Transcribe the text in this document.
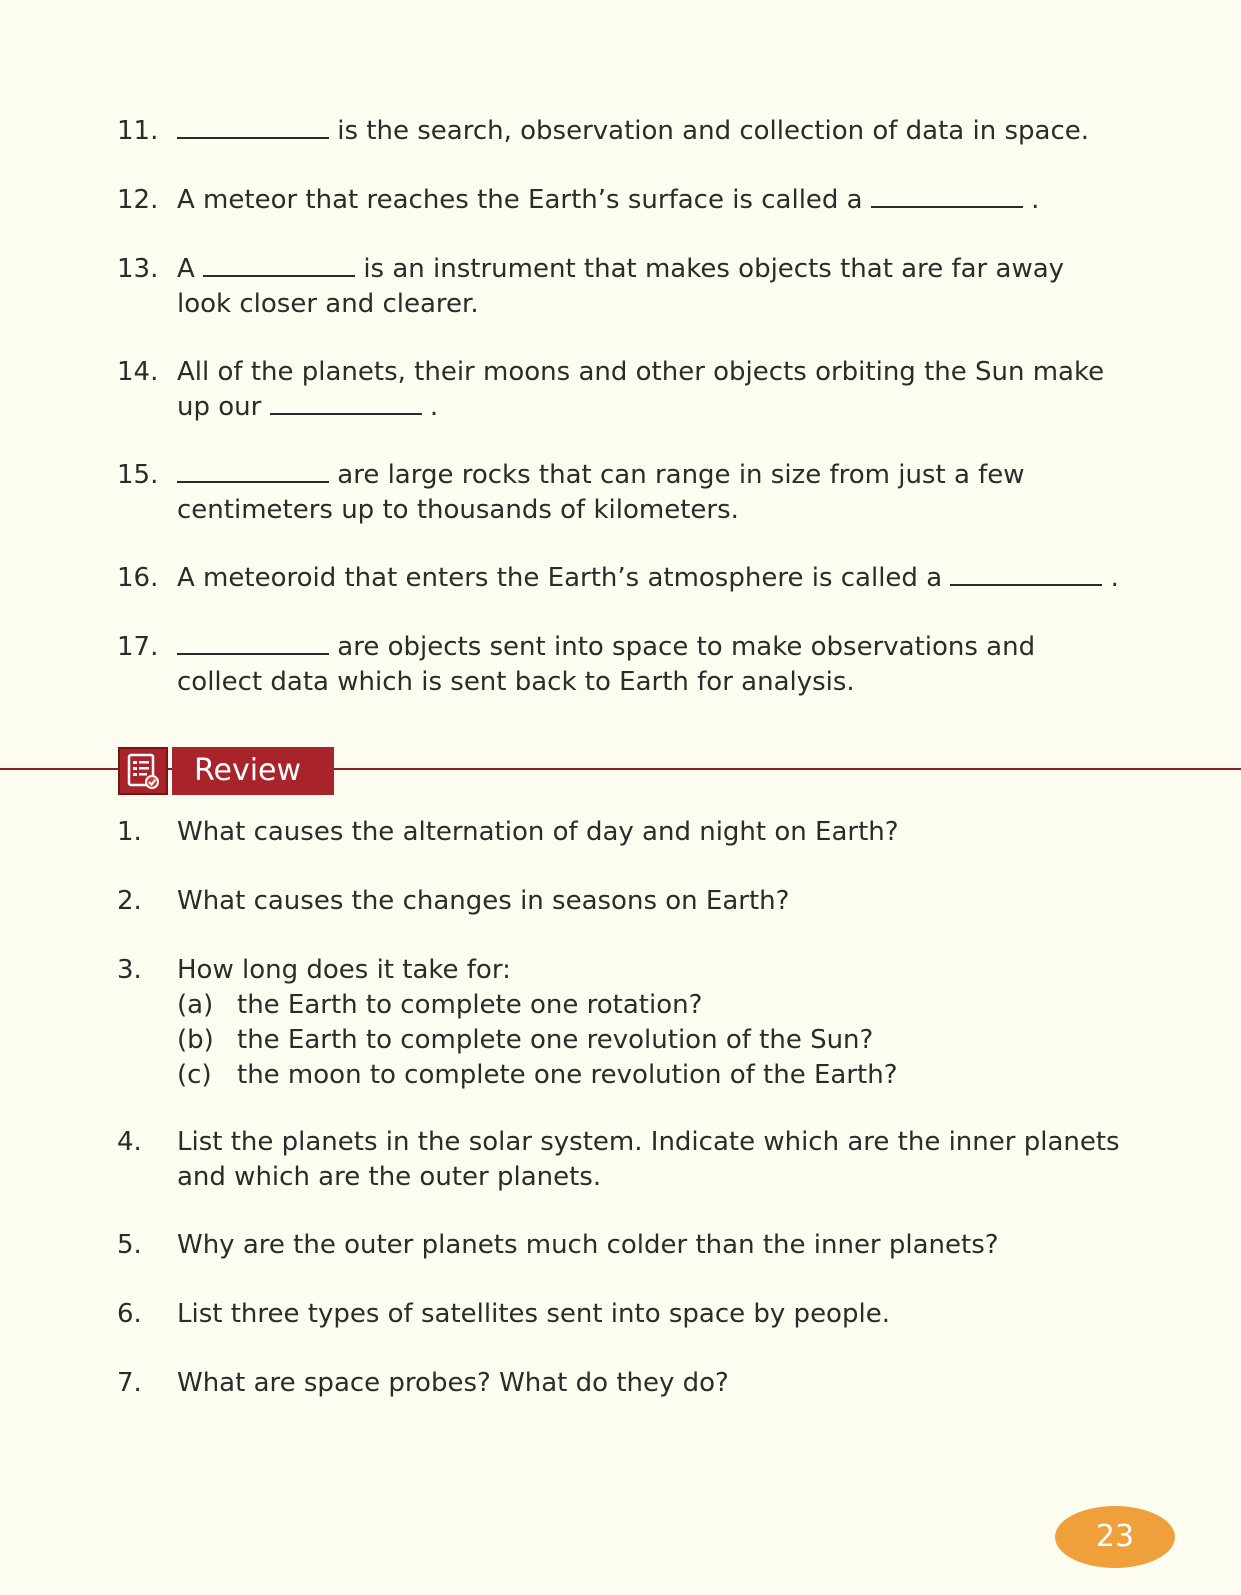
11.	is the search, observation and collection of data in space.
12. A meteor that reaches the Earth’s surface is called a	.
13. A	is an instrument that makes objects that are far away
look closer and clearer.
14. All of the planets, their moons and other objects orbiting the Sun make
up our	.
15.	are large rocks that can range in size from just a few
centimeters up to thousands of kilometers.
16. A meteoroid that enters the Earth’s atmosphere is called a	.
17.	are objects sent into space to make observations and
collect data which is sent back to Earth for analysis.
Review
1. What causes the alternation of day and night on Earth?
2. What causes the changes in seasons on Earth?
3. How long does it take for:
(a) the Earth to complete one rotation?
(b) the Earth to complete one revolution of the Sun?
(c) the moon to complete one revolution of the Earth?
4. List the planets in the solar system. Indicate which are the inner planets
and which are the outer planets.
5. Why are the outer planets much colder than the inner planets?
6. List three types of satellites sent into space by people.
7. What are space probes? What do they do?
23
